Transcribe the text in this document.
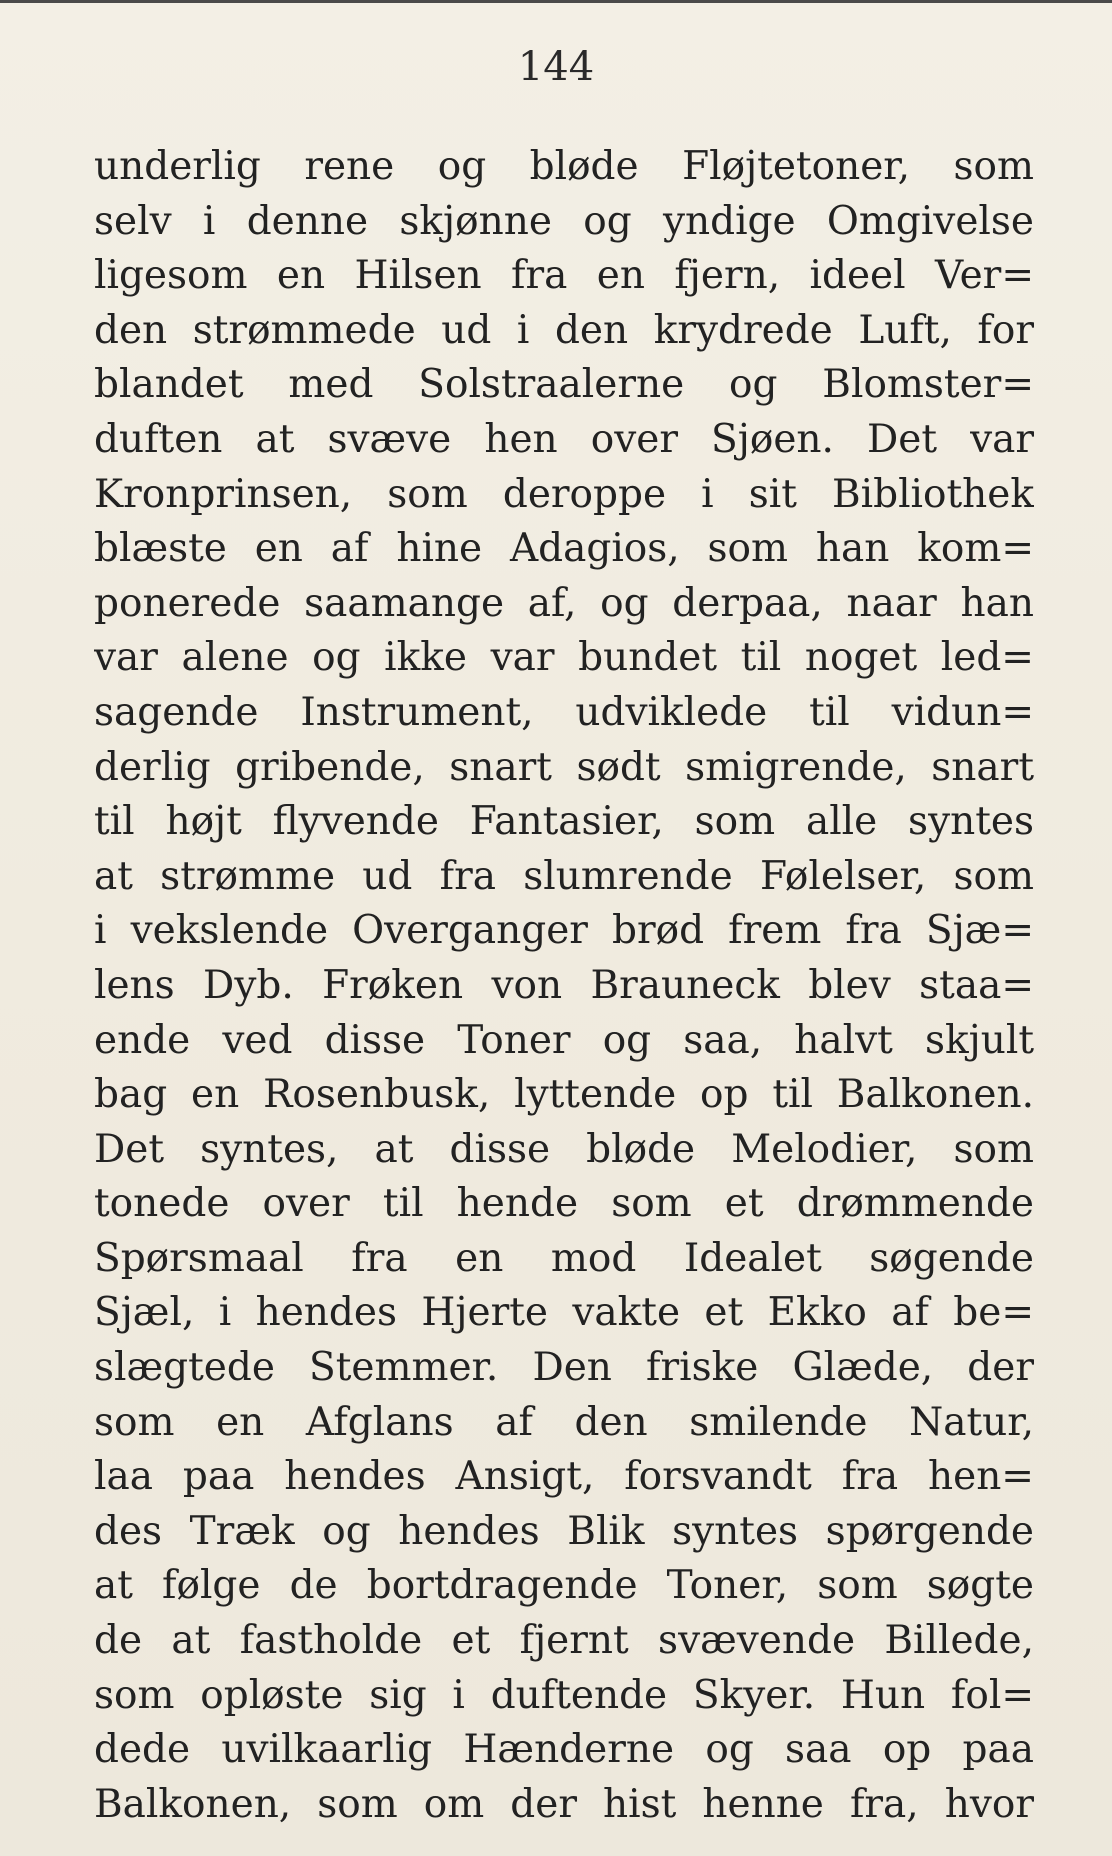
144
underlig rene og bløde Fløjtetoner, som
selv i denne skjønne og yndige Omgivelse
ligesom en Hilsen fra en fjern, ideel Ver=
den strømmede ud i den krydrede Luft, for
blandet med Solstraalerne og Blomster=
duften at svæve hen over Sjøen. Det var
Kronprinsen, som deroppe i sit Bibliothek
blæste en af hine Adagios, som han kom=
ponerede saamange af, og derpaa, naar han
var alene og ikke var bundet til noget led=
sagende Instrument, udviklede til vidun=
derlig gribende, snart sødt smigrende, snart
til højt flyvende Fantasier, som alle syntes
at strømme ud fra slumrende Følelser, som
i vekslende Overganger brød frem fra Sjæ=
lens Dyb. Frøken von Brauneck blev staa=
ende ved disse Toner og saa, halvt skjult
bag en Rosenbusk, lyttende op til Balkonen.
Det syntes, at disse bløde Melodier, som
tonede over til hende som et drømmende
Spørsmaal fra en mod Idealet søgende
Sjæl, i hendes Hjerte vakte et Ekko af be=
slægtede Stemmer. Den friske Glæde, der
som en Afglans af den smilende Natur,
laa paa hendes Ansigt, forsvandt fra hen=
des Træk og hendes Blik syntes spørgende
at følge de bortdragende Toner, som søgte
de at fastholde et fjernt svævende Billede,
som opløste sig i duftende Skyer. Hun fol=
dede uvilkaarlig Hænderne og saa op paa
Balkonen, som om der hist henne fra, hvor
